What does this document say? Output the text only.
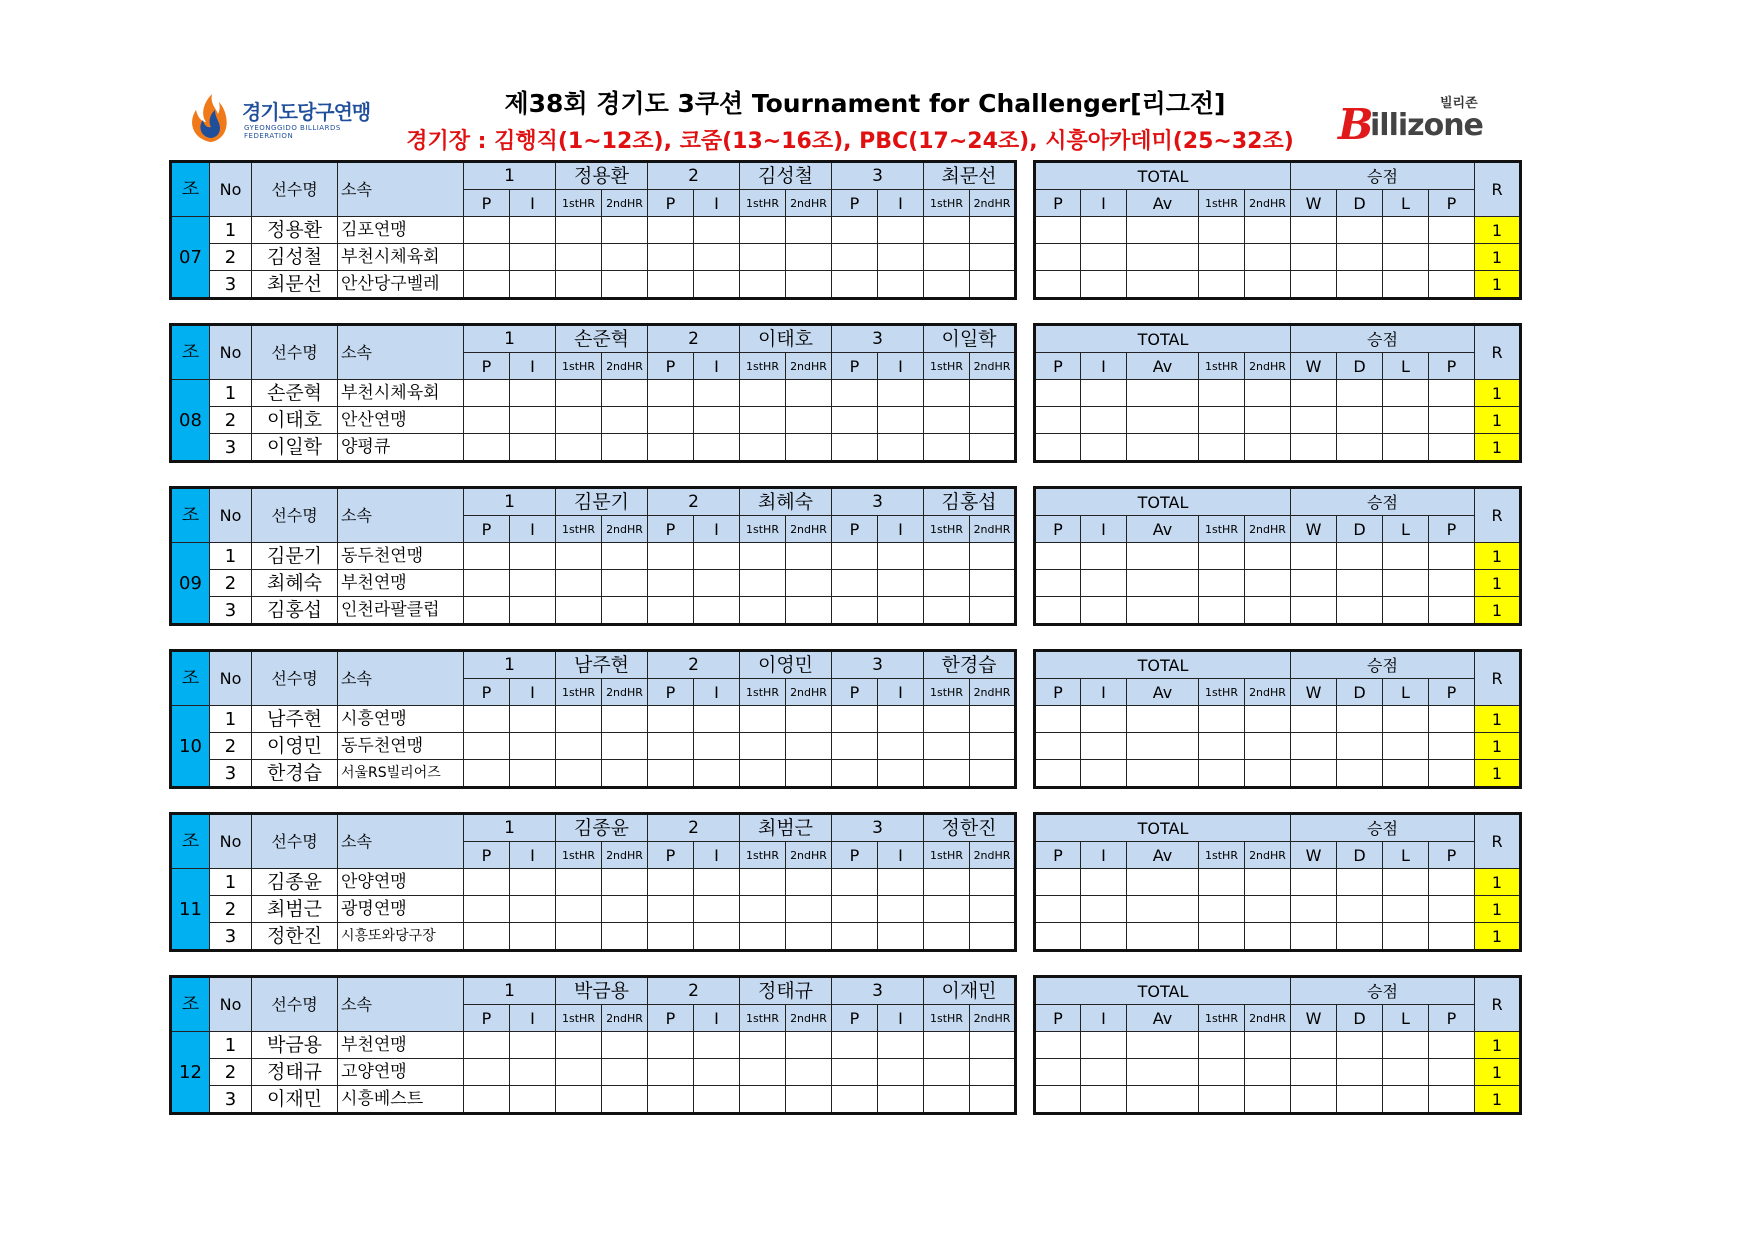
경기도당구연맹
GYEONGGIDO BILLIARDS FEDERATION
제38회 경기도 3쿠션 Tournament for Challenger[리그전]
경기장 : 김행직(1~12조), 코줌(13~16조), PBC(17~24조), 시흥아카데미(25~32조)
빌리존
B
illizone
조	No	선수명	소속	1		정용환		2		김성철		3		최문선	
				P	I	1stHR	2ndHR	P	I	1stHR	2ndHR	P	I	1stHR	2ndHR
07	1	정용환	김포연맹												
	2	김성철	부천시체육회												
	3	최문선	안산당구벨레												
TOTAL					승점				R
P	I	Av	1stHR	2ndHR	W	D	L	P	
									1
									1
									1
조	No	선수명	소속	1		손준혁		2		이태호		3		이일학	
				P	I	1stHR	2ndHR	P	I	1stHR	2ndHR	P	I	1stHR	2ndHR
08	1	손준혁	부천시체육회												
	2	이태호	안산연맹												
	3	이일학	양평큐												
TOTAL					승점				R
P	I	Av	1stHR	2ndHR	W	D	L	P	
									1
									1
									1
조	No	선수명	소속	1		김문기		2		최혜숙		3		김홍섭	
				P	I	1stHR	2ndHR	P	I	1stHR	2ndHR	P	I	1stHR	2ndHR
09	1	김문기	동두천연맹												
	2	최혜숙	부천연맹												
	3	김홍섭	인천라팔클럽												
TOTAL					승점				R
P	I	Av	1stHR	2ndHR	W	D	L	P	
									1
									1
									1
조	No	선수명	소속	1		남주현		2		이영민		3		한경습	
				P	I	1stHR	2ndHR	P	I	1stHR	2ndHR	P	I	1stHR	2ndHR
10	1	남주현	시흥연맹												
	2	이영민	동두천연맹												
	3	한경습	서울RS빌리어즈												
TOTAL					승점				R
P	I	Av	1stHR	2ndHR	W	D	L	P	
									1
									1
									1
조	No	선수명	소속	1		김종윤		2		최범근		3		정한진	
				P	I	1stHR	2ndHR	P	I	1stHR	2ndHR	P	I	1stHR	2ndHR
11	1	김종윤	안양연맹												
	2	최범근	광명연맹												
	3	정한진	시흥또와당구장												
TOTAL					승점				R
P	I	Av	1stHR	2ndHR	W	D	L	P	
									1
									1
									1
조	No	선수명	소속	1		박금용		2		정태규		3		이재민	
				P	I	1stHR	2ndHR	P	I	1stHR	2ndHR	P	I	1stHR	2ndHR
12	1	박금용	부천연맹												
	2	정태규	고양연맹												
	3	이재민	시흥베스트												
TOTAL					승점				R
P	I	Av	1stHR	2ndHR	W	D	L	P	
									1
									1
									1
